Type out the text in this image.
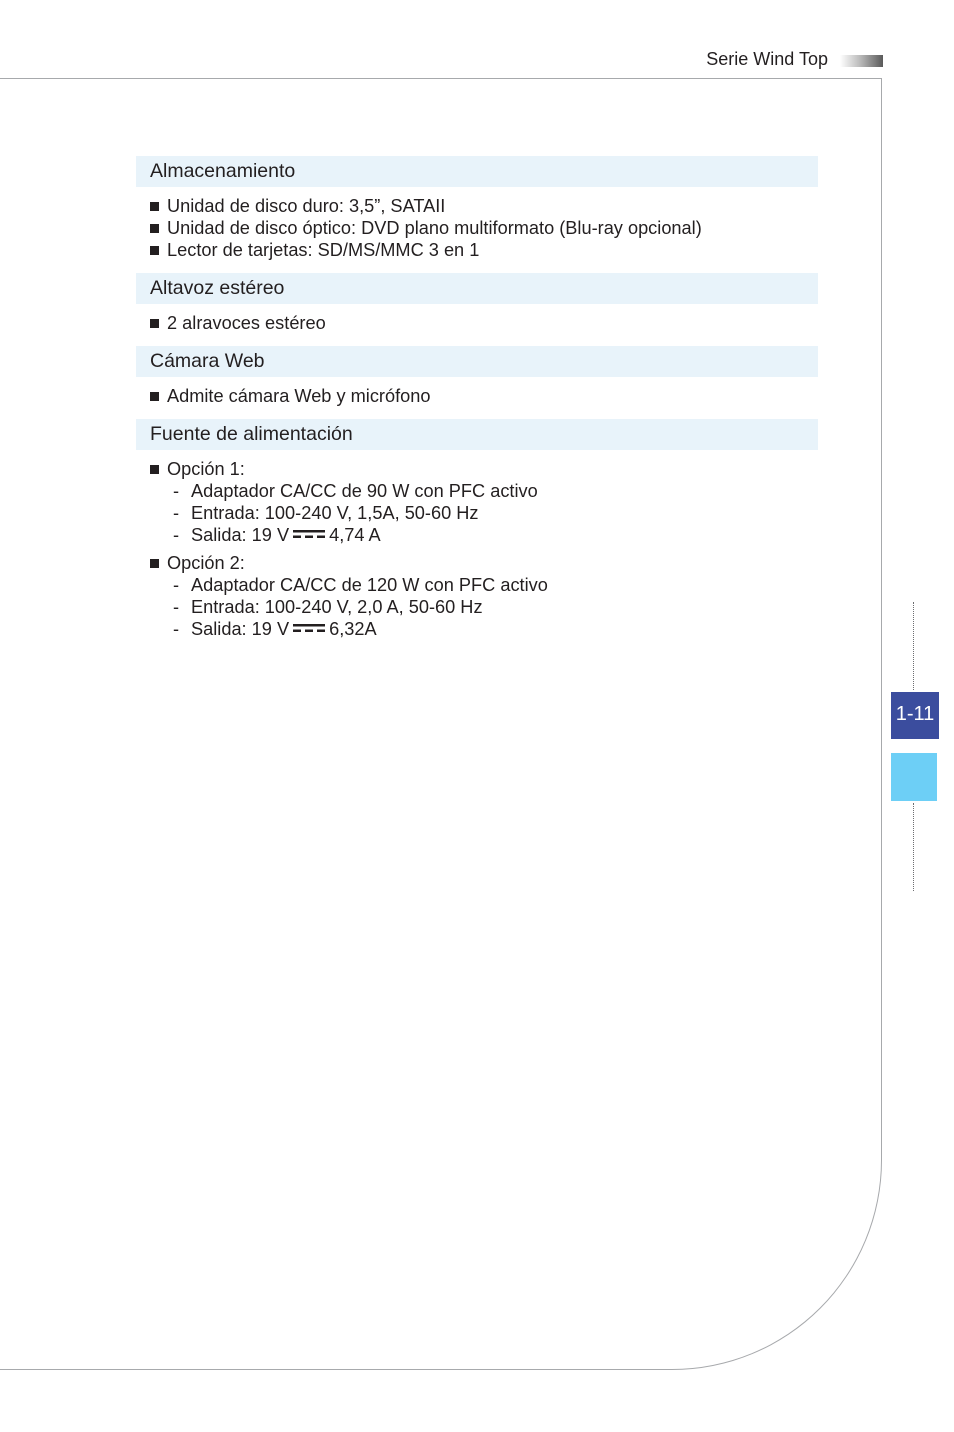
Serie Wind Top
Almacenamiento
Unidad de disco duro: 3,5”, SATAII
Unidad de disco óptico: DVD plano multiformato (Blu-ray opcional)
Lector de tarjetas: SD/MS/MMC 3 en 1
Altavoz estéreo
2 alravoces estéreo
Cámara Web
Admite cámara Web y micrófono
Fuente de alimentación
Opción 1:
- Adaptador CA/CC de 90 W con PFC activo
- Entrada: 100-240 V, 1,5A, 50-60 Hz
- Salida: 19 V 4,74 A
Opción 2:
- Adaptador CA/CC de 120 W con PFC activo
- Entrada: 100-240 V, 2,0 A, 50-60 Hz
- Salida: 19 V 6,32A
1-11
